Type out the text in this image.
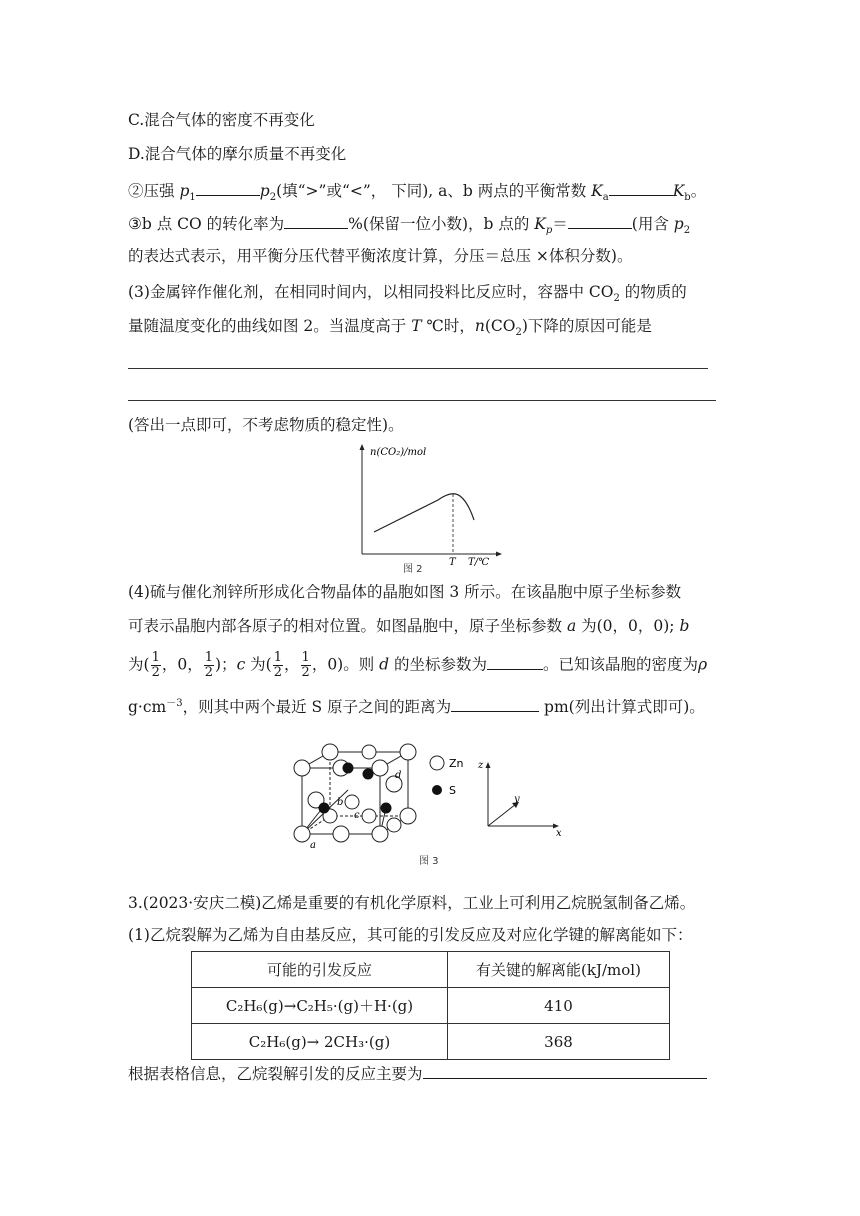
C.混合气体的密度不再变化
D.混合气体的摩尔质量不再变化
②压强 $p_1$	$p_2$(填“>”或“<”， 下同), a、b 两点的平衡常数 $K_a$	$K_b$。
③b 点 CO 的转化率为	%(保留一位小数)，b 点的 $K_p=$	(用含 $p_2$
的表达式表示，用平衡分压代替平衡浓度计算，分压＝总压 ×体积分数)。
(3)金属锌作催化剂，在相同时间内，以相同投料比反应时，容器中 $CO_2$ 的物质的
量随温度变化的曲线如图 2。当温度高于 T ℃时，$n(CO_2)$下降的原因可能是
(答出一点即可，不考虑物质的稳定性)。
n(CO₂)/mol
T T/℃
图 2
(4)硫与催化剂锌所形成化合物晶体的晶胞如图 3 所示。在该晶胞中原子坐标参数
可表示晶胞内部各原子的相对位置。如图晶胞中，原子坐标参数 a 为(0，0，0); b
为( $\frac{1}{2}$ ，0， $\frac{1}{2}$ )；c 为( $\frac{1}{2}$ ， $\frac{1}{2}$ ，0)。则 d 的坐标参数为	。已知该晶胞的密度为ρ
$g\cdot cm^{-3}$，则其中两个最近 S 原子之间的距离为	pm(列出计算式即可)。
b
c
d
a
Zn
S
z
y
x
图 3
3.(2023·安庆二模)乙烯是重要的有机化学原料，工业上可利用乙烷脱氢制备乙烯。
(1)乙烷裂解为乙烯为自由基反应，其可能的引发反应及对应化学键的解离能如下：
可能的引发反应	有关键的解离能(kJ/mol)
C₂H₆(g)→C₂H₅·(g)＋H·(g)	410
C₂H₆(g)→ 2CH₃·(g)	368
根据表格信息，乙烷裂解引发的反应主要为
